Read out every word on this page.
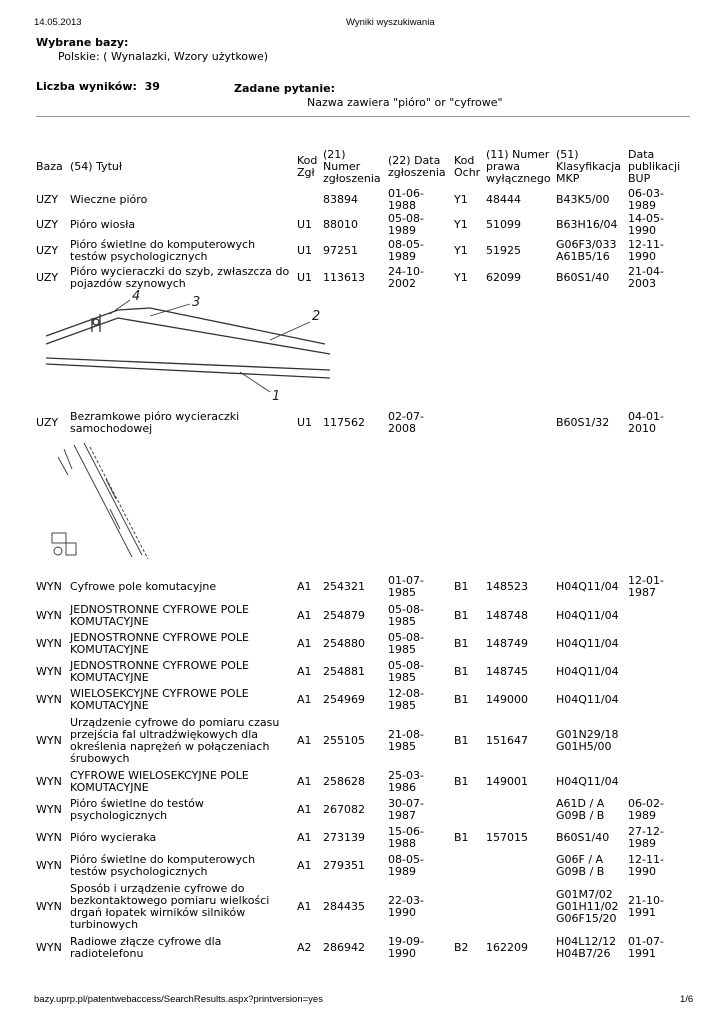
14.05.2013	Wyniki wyszukiwania
Wybrane bazy:
Polskie: ( Wynalazki, Wzory użytkowe)
Liczba wyników: 39	Zadane pytanie:
Nazwa zawiera "pióro" or "cyfrowe"
Baza	(54) Tytuł	Kod Zgł	(21) Numer zgłoszenia	(22) Data zgłoszenia	Kod Ochr	(11) Numer prawa wyłącznego	(51) Klasyfikacja MKP	Data publikacji BUP
UZY	Wieczne pióro		83894	01-06-1988	Y1	48444	B43K5/00	06-03-1989
UZY	Pióro wiosła	U1	88010	05-08-1989	Y1	51099	B63H16/04	14-05-1990
UZY	Pióro świetlne do komputerowych testów psychologicznych	U1	97251	08-05-1989	Y1	51925	G06F3/033 A61B5/16	12-11-1990
UZY	Pióro wycieraczki do szyb, zwłaszcza do pojazdów szynowych	U1	113613	24-10-2002	Y1	62099	B60S1/40	21-04-2003

4 3
2
1								

UZY	Bezramkowe pióro wycieraczki samochodowej	U1	117562	02-07-2008			B60S1/32	04-01-2010

WYN	Cyfrowe pole komutacyjne	A1	254321	01-07-1985	B1	148523	H04Q11/04	12-01-1987
WYN	JEDNOSTRONNE CYFROWE POLE KOMUTACYJNE	A1	254879	05-08-1985	B1	148748	H04Q11/04	
WYN	JEDNOSTRONNE CYFROWE POLE KOMUTACYJNE	A1	254880	05-08-1985	B1	148749	H04Q11/04	
WYN	JEDNOSTRONNE CYFROWE POLE KOMUTACYJNE	A1	254881	05-08-1985	B1	148745	H04Q11/04	
WYN	WIELOSEKCYJNE CYFROWE POLE KOMUTACYJNE	A1	254969	12-08-1985	B1	149000	H04Q11/04	
WYN	Urządzenie cyfrowe do pomiaru czasu przejścia fal ultradźwiękowych dla określenia naprężeń w połączeniach śrubowych	A1	255105	21-08-1985	B1	151647	G01N29/18 G01H5/00	
WYN	CYFROWE WIELOSEKCYJNE POLE KOMUTACYJNE	A1	258628	25-03-1986	B1	149001	H04Q11/04	
WYN	Pióro świetlne do testów psychologicznych	A1	267082	30-07-1987			A61D / A G09B / B	06-02-1989
WYN	Pióro wycieraka	A1	273139	15-06-1988	B1	157015	B60S1/40	27-12-1989
WYN	Pióro świetlne do komputerowych testów psychologicznych	A1	279351	08-05-1989			G06F / A G09B / B	12-11-1990
WYN	Sposób i urządzenie cyfrowe do bezkontaktowego pomiaru wielkości drgań łopatek wirników silników turbinowych	A1	284435	22-03-1990			G01M7/02 G01H11/02 G06F15/20	21-10-1991
WYN	Radiowe złącze cyfrowe dla radiotelefonu	A2	286942	19-09-1990	B2	162209	H04L12/12 H04B7/26	01-07-1991
bazy.uprp.pl/patentwebaccess/SearchResults.aspx?printversion=yes	1/6
